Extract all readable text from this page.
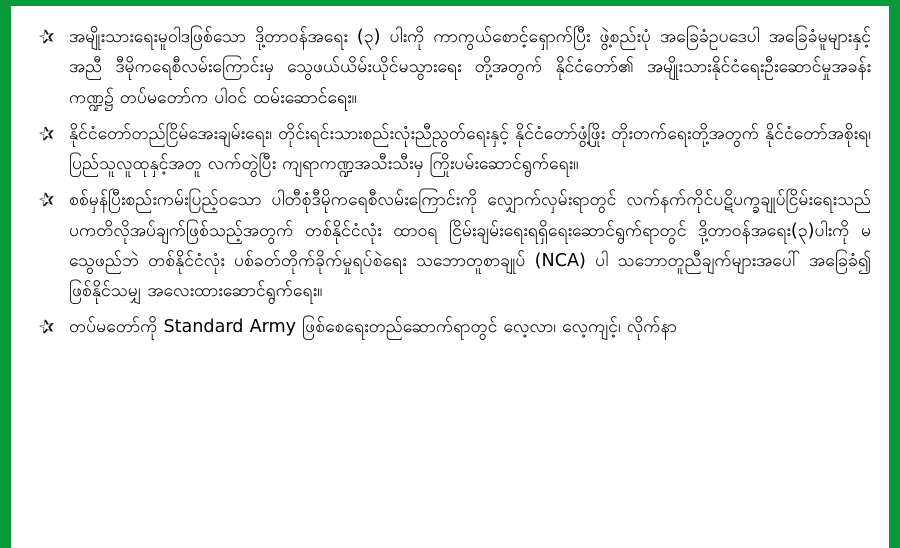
✰ အမျိုးသားရေးမူဝါဒဖြစ်သော ဒို့တာဝန်အရေး (၃) ပါးကို ကာကွယ်စောင့်ရှောက်ပြီး ဖွဲ့စည်းပုံ အခြေခံဥပဒေပါ အခြေခံမူများနှင့်အညီ ဒီမိုကရေစီလမ်းကြောင်းမှ သွေဖယ်ယိမ်းယိုင်မသွားရေး တို့အတွက် နိုင်ငံတော်၏ အမျိုးသားနိုင်ငံရေးဦးဆောင်မှုအခန်းကဏ္ဍ၌ တပ်မတော်က ပါဝင် ထမ်းဆောင်ရေး။
✰ နိုင်ငံတော်တည်ငြိမ်အေးချမ်းရေး၊ တိုင်းရင်းသားစည်းလုံးညီညွတ်ရေးနှင့် နိုင်ငံတော်ဖွံ့ဖြိုး တိုးတက်ရေးတို့အတွက် နိုင်ငံတော်အစိုးရ၊ ပြည်သူလူထုနှင့်အတူ လက်တွဲပြီး ကျရာကဏ္ဍအသီးသီးမှ ကြိုးပမ်းဆောင်ရွက်ရေး။
✰ စစ်မှန်ပြီးစည်းကမ်းပြည့်ဝသော ပါတီစုံဒီမိုကရေစီလမ်းကြောင်းကို လျှောက်လှမ်းရာတွင် လက်နက်ကိုင်ပဋိပက္ခချုပ်ငြိမ်းရေးသည် ပကတိလိုအပ်ချက်ဖြစ်သည့်အတွက် တစ်နိုင်ငံလုံး ထာဝရ ငြိမ်းချမ်းရေးရရှိရေးဆောင်ရွက်ရာတွင် ဒို့တာဝန်အရေး(၃)ပါးကို မသွေဖည်ဘဲ တစ်နိုင်ငံလုံး ပစ်ခတ်တိုက်ခိုက်မှုရပ်စဲရေး သဘောတူစာချုပ် (NCA) ပါ သဘောတူညီချက်များအပေါ် အခြေခံ၍ ဖြစ်နိုင်သမျှ အလေးထားဆောင်ရွက်ရေး။
✰ တပ်မတော်ကို Standard Army ဖြစ်စေရေးတည်ဆောက်ရာတွင် လေ့လာ၊ လေ့ကျင့်၊ လိုက်နာ
